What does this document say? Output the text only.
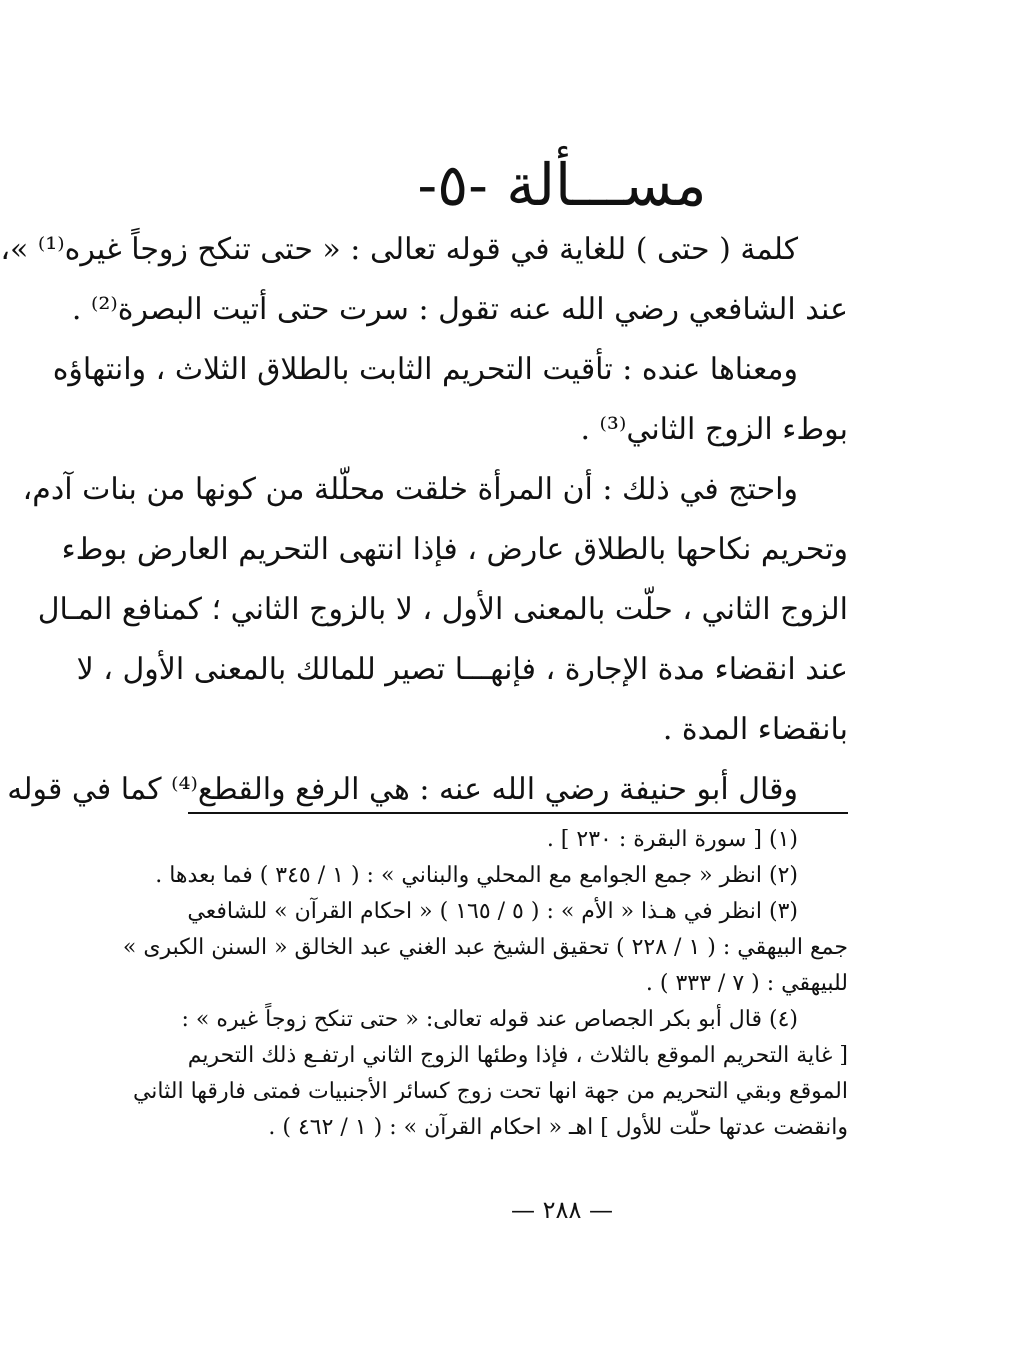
مســـألة -٥-
كلمة ( حتى ) للغاية في قوله تعالى : « حتى تنكح زوجاً غيره⁽¹⁾ »،
عند الشافعي رضي الله عنه تقول : سرت حتى أتيت البصرة⁽²⁾ .
ومعناها عنده : تأقيت التحريم الثابت بالطلاق الثلاث ، وانتهاؤه
بوطء الزوج الثاني⁽³⁾ .
واحتج في ذلك : أن المرأة خلقت محلّلة من كونها من بنات آدم،
وتحريم نكاحها بالطلاق عارض ، فإذا انتهى التحريم العارض بوطء
الزوج الثاني ، حلّت بالمعنى الأول ، لا بالزوج الثاني ؛ كمنافع المـال
عند انقضاء مدة الإجارة ، فإنهـــا تصير للمالك بالمعنى الأول ، لا
بانقضاء المدة .
وقال أبو حنيفة رضي الله عنه : هي الرفع والقطع⁽⁴⁾ كما في قوله
(١) [ سورة البقرة : ٢٣٠ ] .
(٢) انظر « جمع الجوامع مع المحلي والبناني » : ( ١ / ٣٤٥ ) فما بعدها .
(٣) انظر في هـذا « الأم » : ( ٥ / ١٦٥ ) « احكام القرآن » للشافعي
جمع البيهقي : ( ١ / ٢٢٨ ) تحقيق الشيخ عبد الغني عبد الخالق « السنن الكبرى »
للبيهقي : ( ٧ / ٣٣٣ ) .
(٤) قال أبو بكر الجصاص عند قوله تعالى: « حتى تنكح زوجاً غيره » :
[ غاية التحريم الموقع بالثلاث ، فإذا وطئها الزوج الثاني ارتفـع ذلك التحريم
الموقع وبقي التحريم من جهة انها تحت زوج كسائر الأجنبيات فمتى فارقها الثاني
وانقضت عدتها حلّت للأول ] اهـ « احكام القرآن » : ( ١ / ٤٦٢ ) .
— ٢٨٨ —
